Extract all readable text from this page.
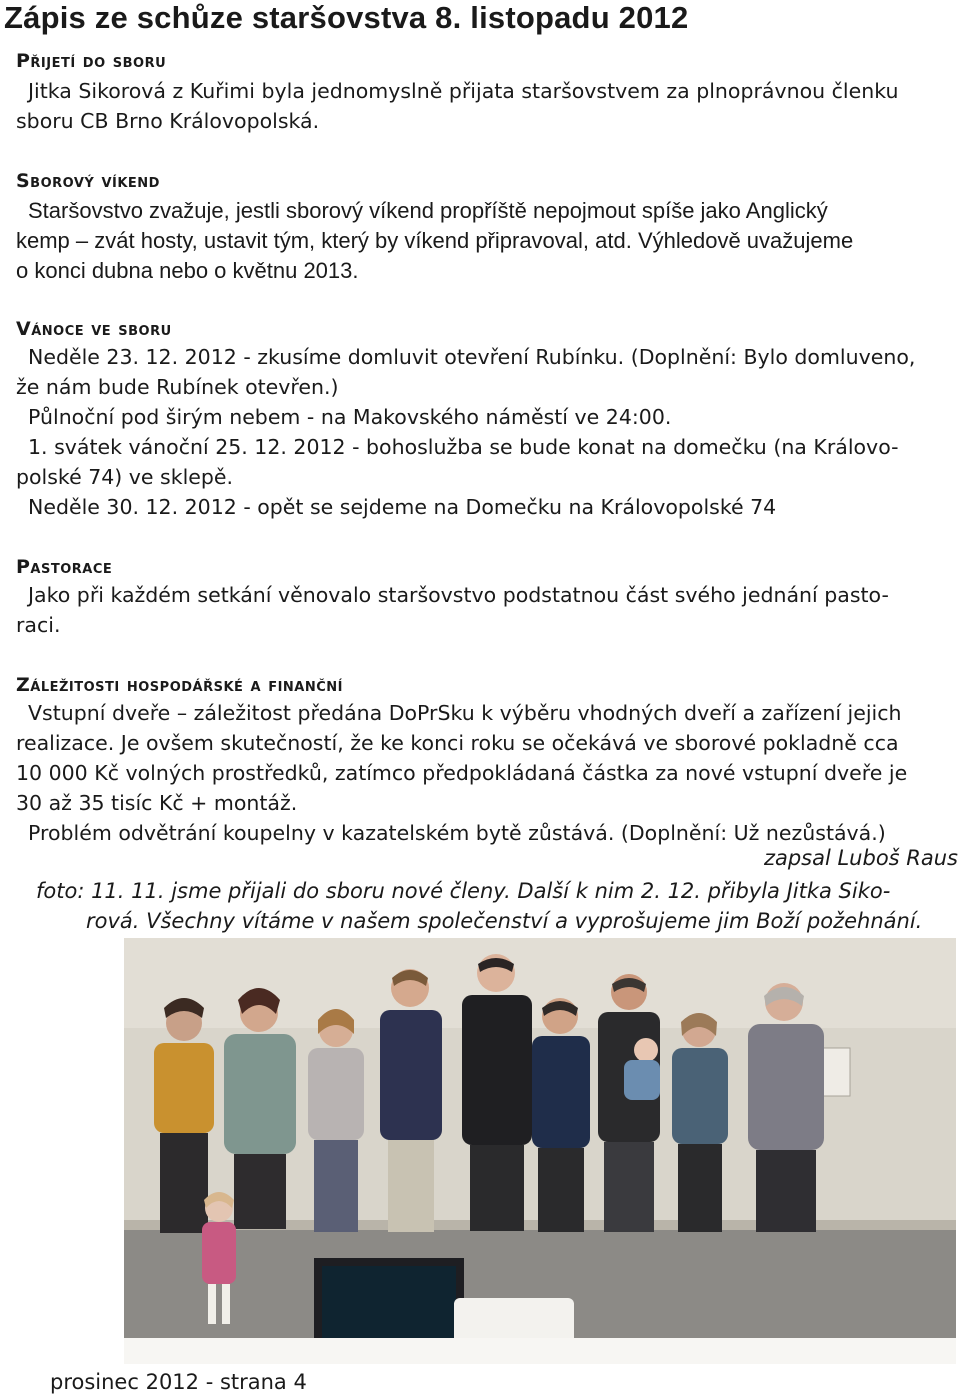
Zápis ze schůze staršovstva 8. listopadu 2012
Přijetí do sboru
Jitka Sikorová z Kuřimi byla jednomyslně přijata staršovstvem za plnoprávnou členku
sboru CB Brno Královopolská.
Sborový víkend
Staršovstvo zvažuje, jestli sborový víkend propříště nepojmout spíše jako Anglický
kemp – zvát hosty, ustavit tým, který by víkend připravoval, atd. Výhledově uvažujeme
o konci dubna nebo o květnu 2013.
Vánoce ve sboru
Neděle 23. 12. 2012 - zkusíme domluvit otevření Rubínku. (Doplnění: Bylo domluveno,
že nám bude Rubínek otevřen.)
Půlnoční pod širým nebem - na Makovského náměstí ve 24:00.
1. svátek vánoční 25. 12. 2012 - bohoslužba se bude konat na domečku (na Královo-
polské 74) ve sklepě.
Neděle 30. 12. 2012 - opět se sejdeme na Domečku na Královopolské 74
Pastorace
Jako při každém setkání věnovalo staršovstvo podstatnou část svého jednání pasto-
raci.
Záležitosti hospodářské a finanční
Vstupní dveře – záležitost předána DoPrSku k výběru vhodných dveří a zařízení jejich
realizace. Je ovšem skutečností, že ke konci roku se očekává ve sborové pokladně cca
10 000 Kč volných prostředků, zatímco předpokládaná částka za nové vstupní dveře je
30 až 35 tisíc Kč + montáž.
Problém odvětrání koupelny v kazatelském bytě zůstává. (Doplnění: Už nezůstává.)
zapsal Luboš Raus
foto: 11. 11. jsme přijali do sboru nové členy. Další k nim 2. 12. přibyla Jitka Siko-
rová. Všechny vítáme v našem společenství a vyprošujeme jim Boží požehnání.
prosinec 2012 - strana 4
